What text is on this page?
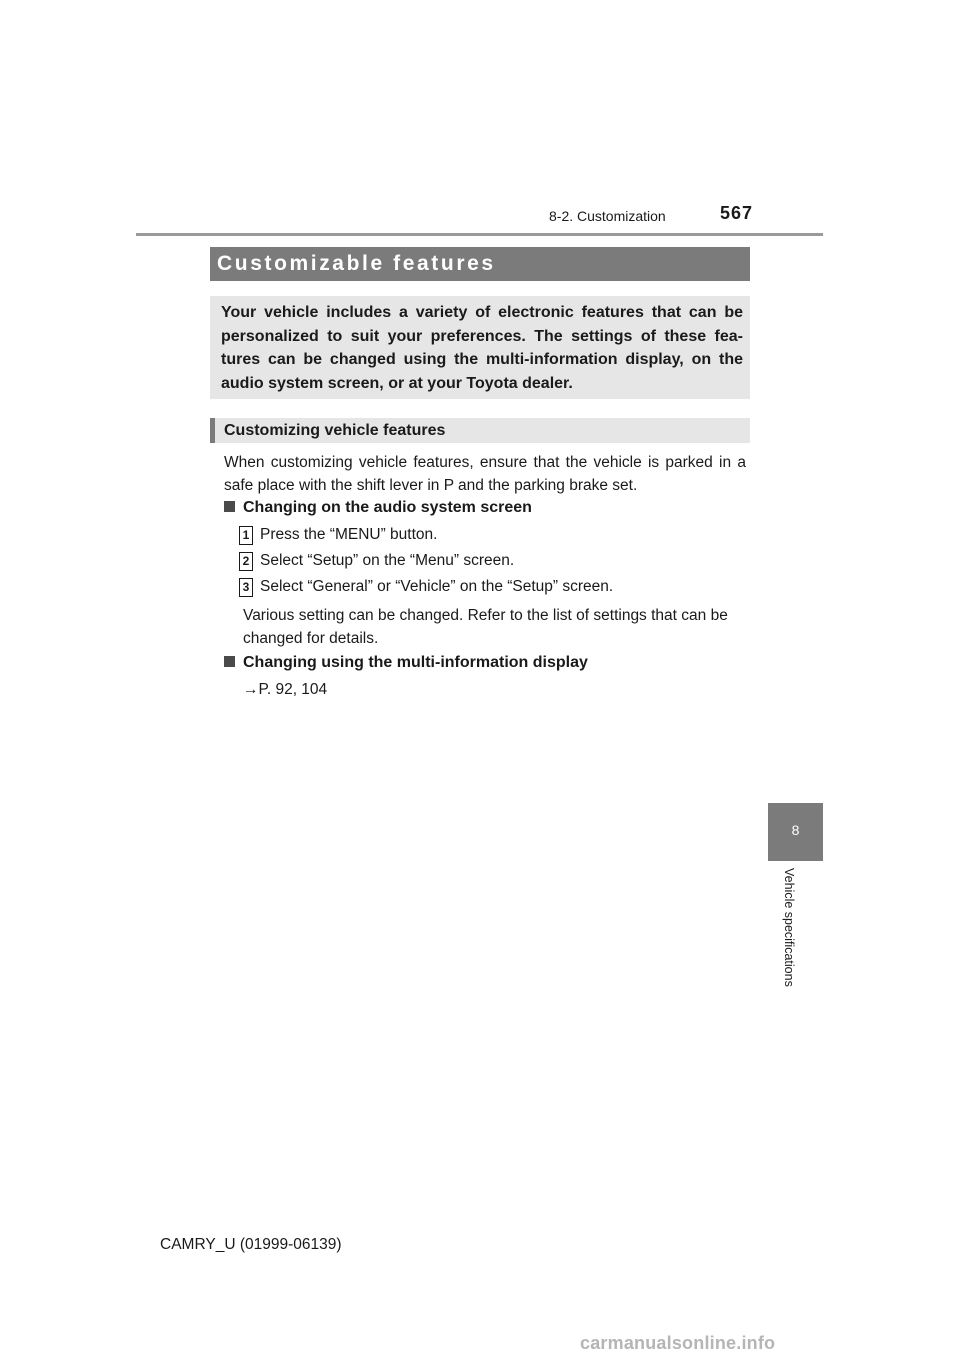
8-2. Customization	567
Customizable features
Your vehicle includes a variety of electronic features that can be personalized to suit your preferences. The settings of these fea- tures can be changed using the multi-information display, on the audio system screen, or at your Toyota dealer.
Customizing vehicle features
When customizing vehicle features, ensure that the vehicle is parked in a safe place with the shift lever in P and the parking brake set.
Changing on the audio system screen
1 Press the “MENU” button.
2 Select “Setup” on the “Menu” screen.
3 Select “General” or “Vehicle” on the “Setup” screen.
Various setting can be changed. Refer to the list of settings that can be changed for details.
Changing using the multi-information display
→P. 92, 104
8
Vehicle specifications
CAMRY_U (01999-06139)
carmanualsonline.info
